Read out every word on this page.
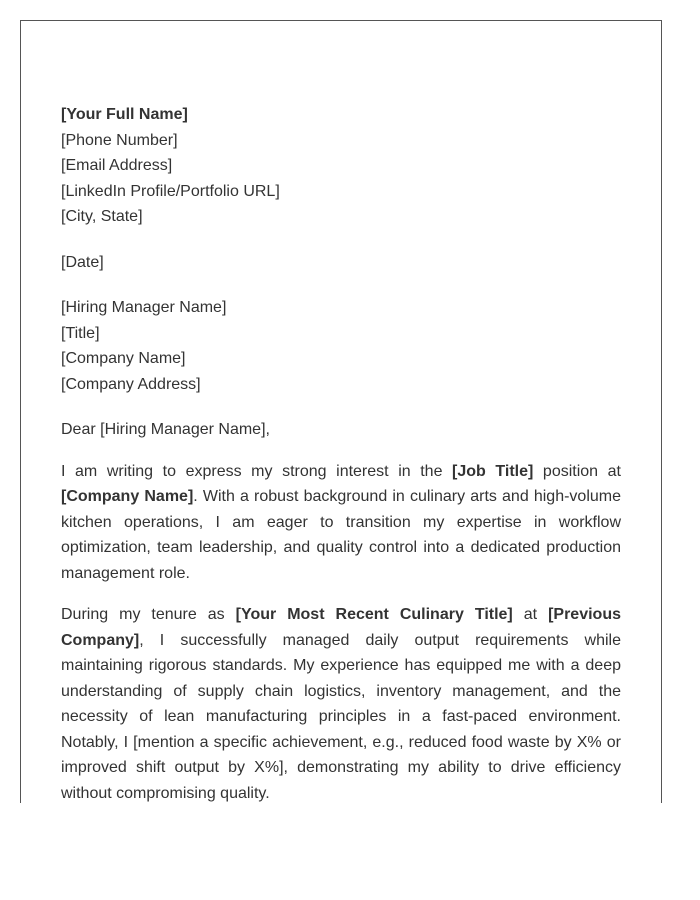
[Your Full Name]
[Phone Number]
[Email Address]
[LinkedIn Profile/Portfolio URL]
[City, State]
[Date]
[Hiring Manager Name]
[Title]
[Company Name]
[Company Address]
Dear [Hiring Manager Name],

I am writing to express my strong interest in the [Job Title] position at [Company Name]. With a robust background in culinary arts and high-volume kitchen operations, I am eager to transition my expertise in workflow optimization, team leadership, and quality control into a dedicated production management role.

During my tenure as [Your Most Recent Culinary Title] at [Previous Company], I successfully managed daily output requirements while maintaining rigorous standards. My experience has equipped me with a deep understanding of supply chain logistics, inventory management, and the necessity of lean manufacturing principles in a fast-paced environment. Notably, I [mention a specific achievement, e.g., reduced food waste by X% or improved shift output by X%], demonstrating my ability to drive efficiency without compromising quality.
